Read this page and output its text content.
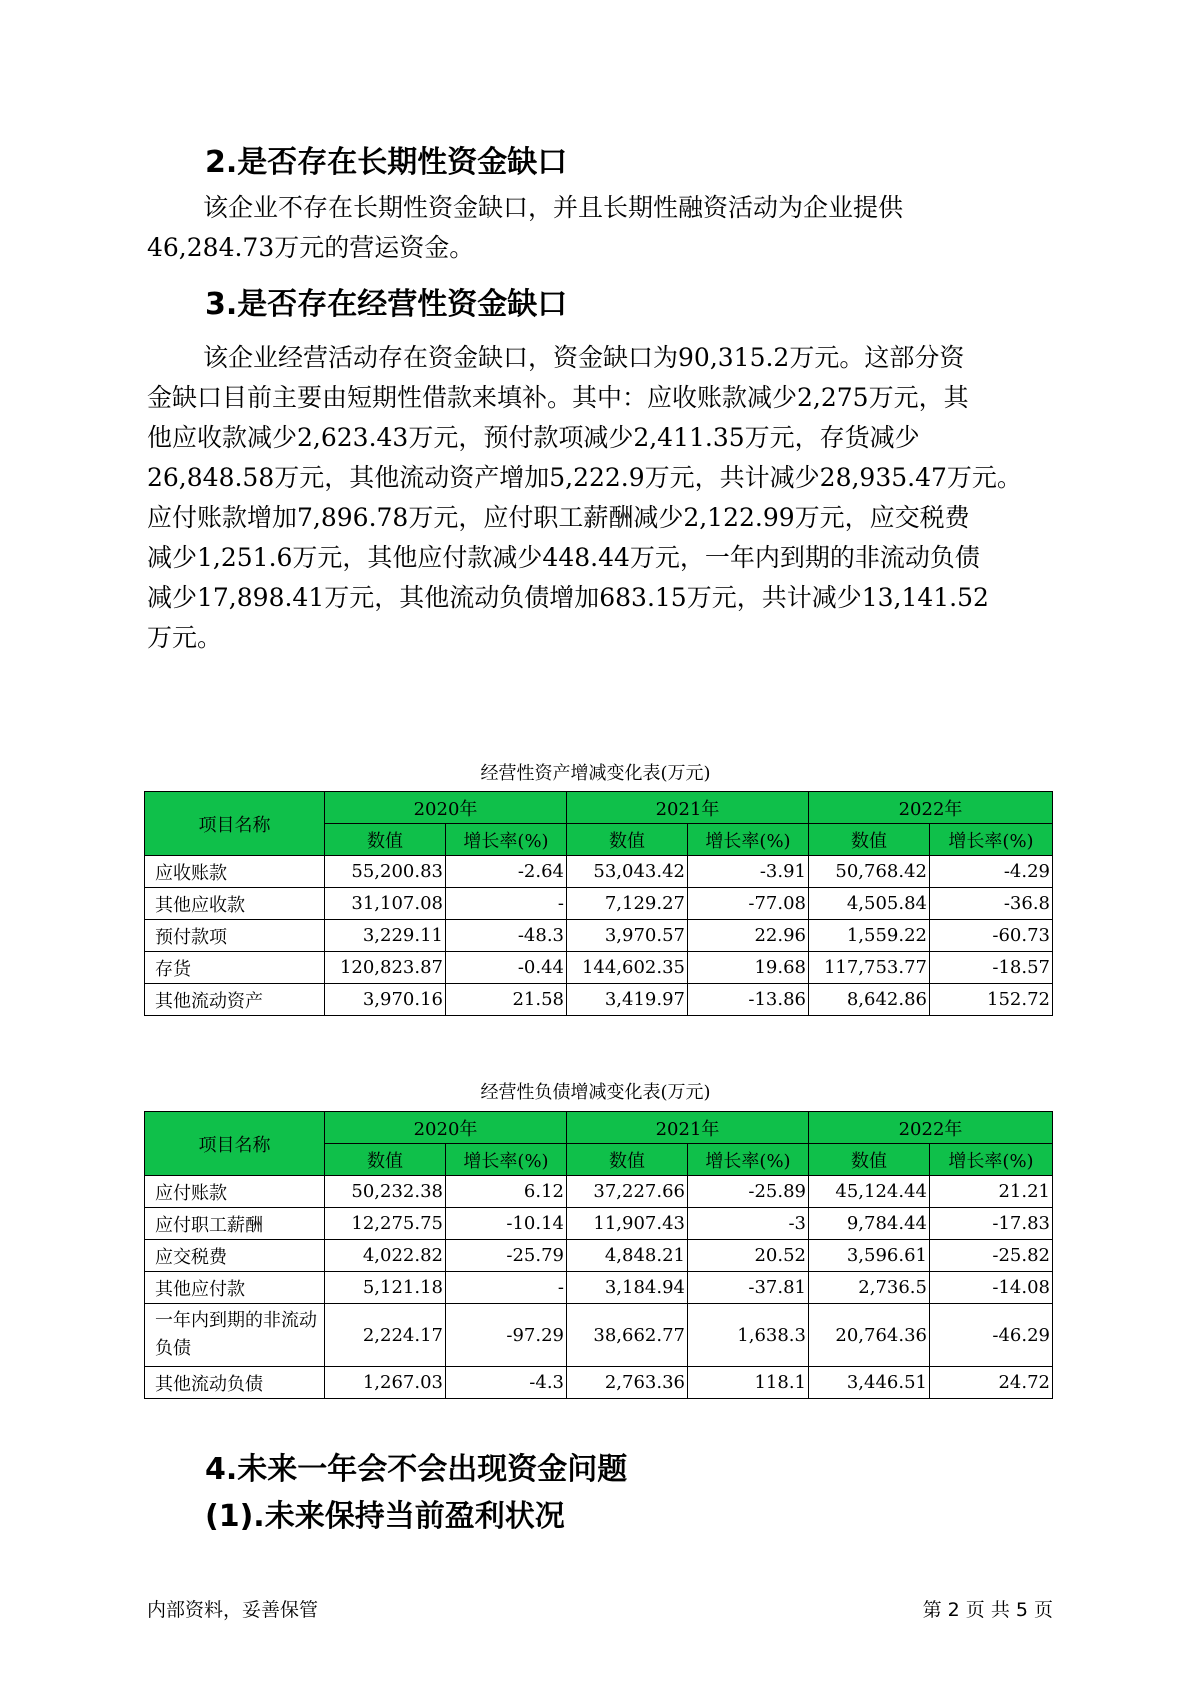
2.是否存在长期性资金缺口
该企业不存在长期性资金缺口，并且长期性融资活动为企业提供
46,284.73万元的营运资金。
3.是否存在经营性资金缺口
该企业经营活动存在资金缺口，资金缺口为90,315.2万元。这部分资
金缺口目前主要由短期性借款来填补。其中：应收账款减少2,275万元，其
他应收款减少2,623.43万元，预付款项减少2,411.35万元，存货减少
26,848.58万元，其他流动资产增加5,222.9万元，共计减少28,935.47万元。
应付账款增加7,896.78万元，应付职工薪酬减少2,122.99万元，应交税费
减少1,251.6万元，其他应付款减少448.44万元，一年内到期的非流动负债
减少17,898.41万元，其他流动负债增加683.15万元，共计减少13,141.52
万元。
经营性资产增减变化表(万元)
项目名称	2020年		2021年		2022年	
	数值	增长率(%)	数值	增长率(%)	数值	增长率(%)
应收账款	55,200.83	-2.64	53,043.42	-3.91	50,768.42	-4.29
其他应收款	31,107.08	-	7,129.27	-77.08	4,505.84	-36.8
预付款项	3,229.11	-48.3	3,970.57	22.96	1,559.22	-60.73
存货	120,823.87	-0.44	144,602.35	19.68	117,753.77	-18.57
其他流动资产	3,970.16	21.58	3,419.97	-13.86	8,642.86	152.72
经营性负债增减变化表(万元)
项目名称	2020年		2021年		2022年	
	数值	增长率(%)	数值	增长率(%)	数值	增长率(%)
应付账款	50,232.38	6.12	37,227.66	-25.89	45,124.44	21.21
应付职工薪酬	12,275.75	-10.14	11,907.43	-3	9,784.44	-17.83
应交税费	4,022.82	-25.79	4,848.21	20.52	3,596.61	-25.82
其他应付款	5,121.18	-	3,184.94	-37.81	2,736.5	-14.08
一年内到期的非流动负债	2,224.17	-97.29	38,662.77	1,638.3	20,764.36	-46.29
其他流动负债	1,267.03	-4.3	2,763.36	118.1	3,446.51	24.72
4.未来一年会不会出现资金问题
(1).未来保持当前盈利状况
内部资料，妥善保管	第 2 页 共 5 页
